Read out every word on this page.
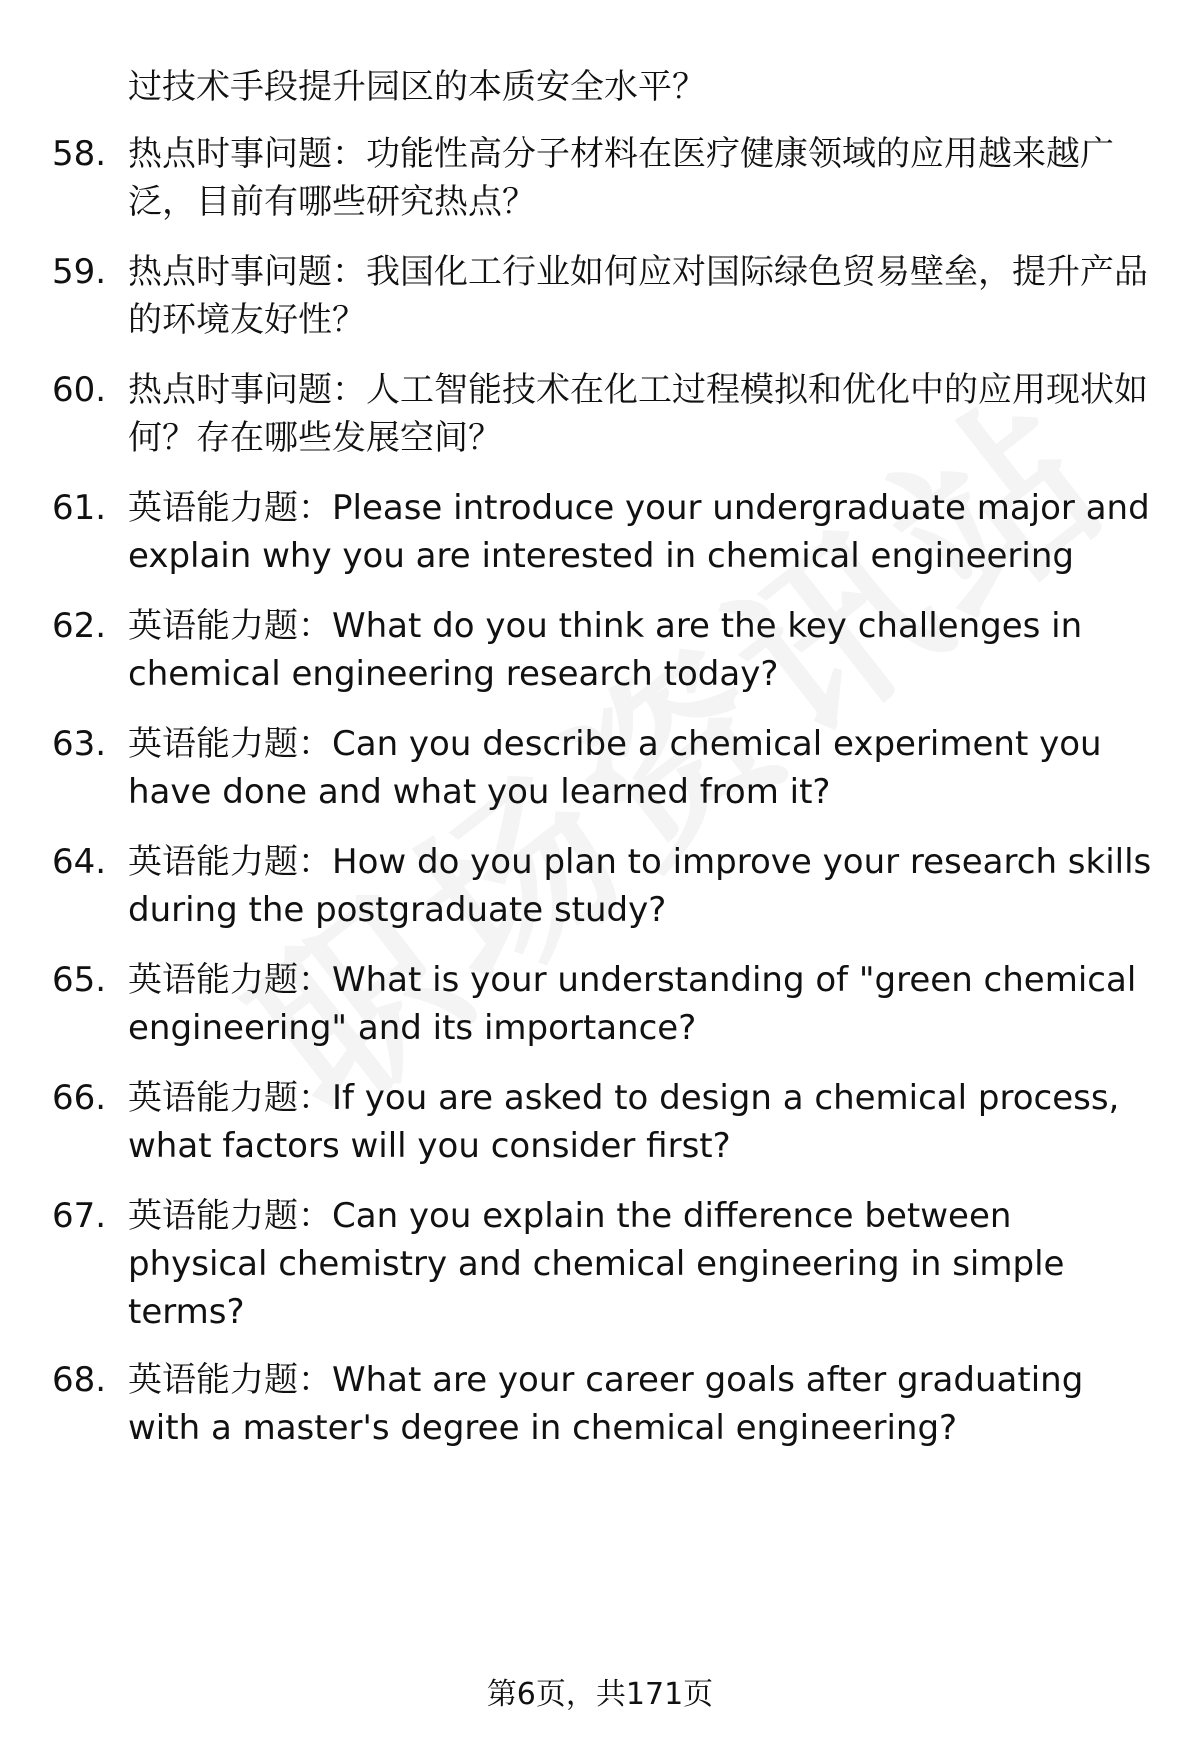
过技术手段提升园区的本质安全水平？
58. 热点时事问题：功能性高分子材料在医疗健康领域的应用越来越广泛，目前有哪些研究热点？
59. 热点时事问题：我国化工行业如何应对国际绿色贸易壁垒，提升产品的环境友好性？
60. 热点时事问题：人工智能技术在化工过程模拟和优化中的应用现状如何？存在哪些发展空间？
61. 英语能力题：Please introduce your undergraduate major and explain why you are interested in chemical engineering
62. 英语能力题：What do you think are the key challenges in chemical engineering research today?
63. 英语能力题：Can you describe a chemical experiment you have done and what you learned from it?
64. 英语能力题：How do you plan to improve your research skills during the postgraduate study?
65. 英语能力题：What is your understanding of "green chemical engineering" and its importance?
66. 英语能力题：If you are asked to design a chemical process, what factors will you consider first?
67. 英语能力题：Can you explain the difference between physical chemistry and chemical engineering in simple terms?
68. 英语能力题：What are your career goals after graduating with a master's degree in chemical engineering?
第6页，共171页
